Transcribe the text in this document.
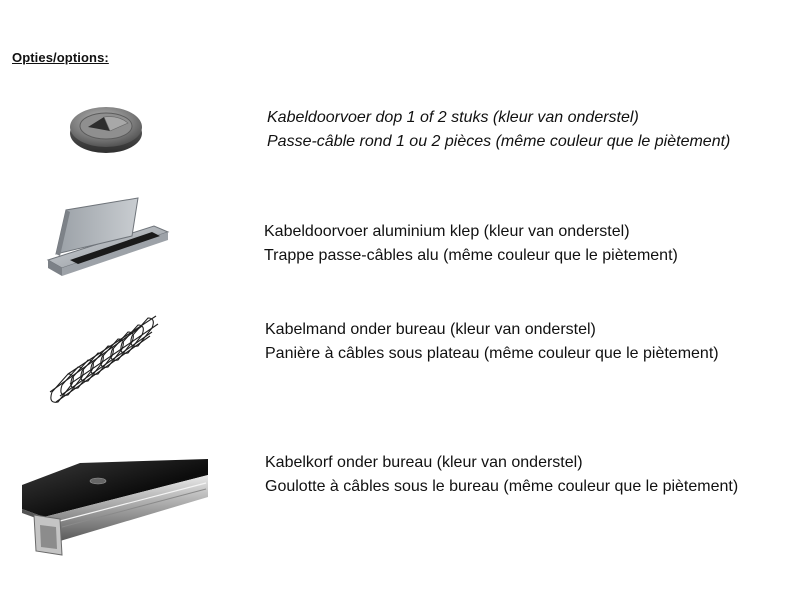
Opties/options:
Kabeldoorvoer dop 1 of 2 stuks (kleur van onderstel)
Passe-câble rond 1 ou 2 pièces (même couleur que le piètement)
Kabeldoorvoer aluminium klep (kleur van onderstel)
Trappe passe-câbles alu (même couleur que le piètement)
Kabelmand onder bureau (kleur van onderstel)
Panière à câbles sous plateau (même couleur que le piètement)
Kabelkorf onder bureau (kleur van onderstel)
Goulotte à câbles sous le bureau (même couleur que le piètement)
